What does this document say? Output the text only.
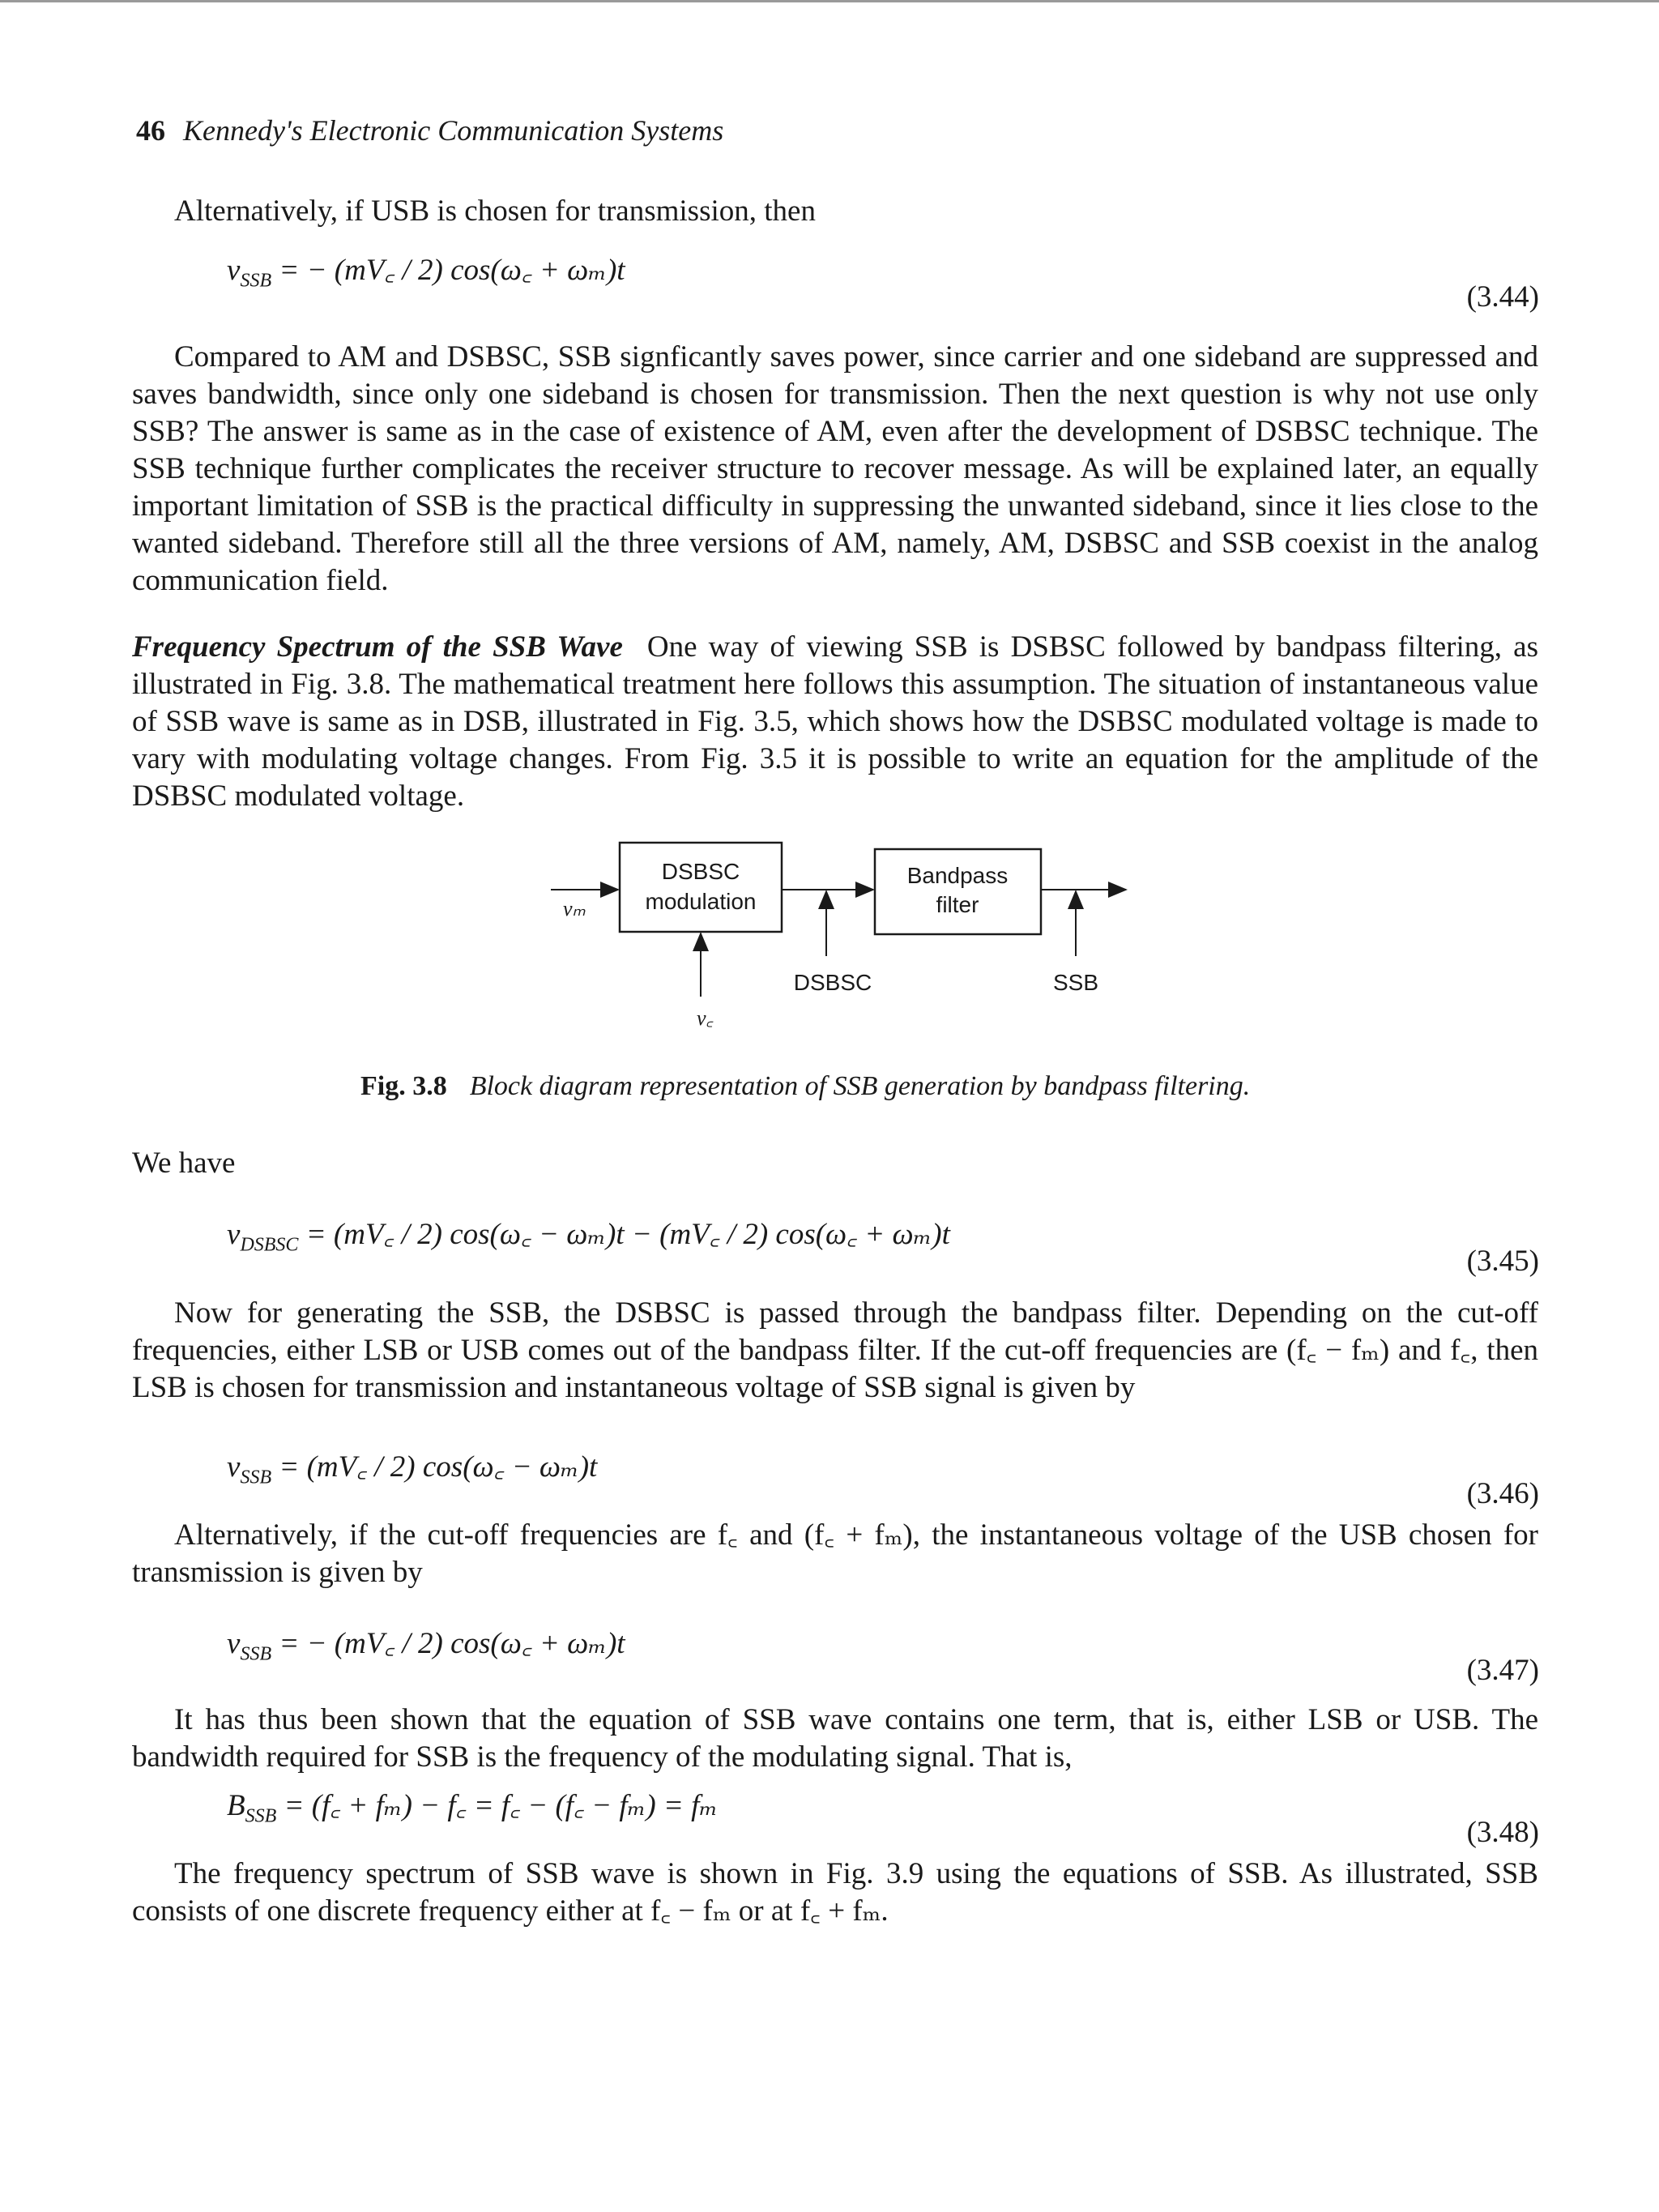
46 Kennedy's Electronic Communication Systems

Alternatively, if USB is chosen for transmission, then

$v_{SSB}$ = − (mV꜀ / 2) cos(ω꜀ + ωₘ)t
(3.44)

Compared to AM and DSBSC, SSB signficantly saves power, since carrier and one sideband are suppressed and saves bandwidth, since only one sideband is chosen for transmission. Then the next question is why not use only SSB? The answer is same as in the case of existence of AM, even after the development of DSBSC technique. The SSB technique further complicates the receiver structure to recover message. As will be explained later, an equally important limitation of SSB is the practical difficulty in suppressing the unwanted sideband, since it lies close to the wanted sideband. Therefore still all the three versions of AM, namely, AM, DSBSC and SSB coexist in the analog communication field.

Frequency Spectrum of the SSB Wave One way of viewing SSB is DSBSC followed by bandpass filtering, as illustrated in Fig. 3.8. The mathematical treatment here follows this assumption. The situation of instantaneous value of SSB wave is same as in DSB, illustrated in Fig. 3.5, which shows how the DSBSC modulated voltage is made to vary with modulating voltage changes. From Fig. 3.5 it is possible to write an equation for the amplitude of the DSBSC modulated voltage.

DSBSC
modulation
Bandpass
filter
vₘ
v꜀
DSBSC	SSB
Fig. 3.8 Block diagram representation of SSB generation by bandpass filtering.
We have
$v_{DSBSC}$ = (mV꜀ / 2) cos(ω꜀ − ωₘ)t − (mV꜀ / 2) cos(ω꜀ + ωₘ)t
(3.45)

Now for generating the SSB, the DSBSC is passed through the bandpass filter. Depending on the cut-off frequencies, either LSB or USB comes out of the bandpass filter. If the cut-off frequencies are (f꜀ − fₘ) and f꜀, then LSB is chosen for transmission and instantaneous voltage of SSB signal is given by

$v_{SSB}$ = (mV꜀ / 2) cos(ω꜀ − ωₘ)t
(3.46)

Alternatively, if the cut-off frequencies are f꜀ and (f꜀ + fₘ), the instantaneous voltage of the USB chosen for transmission is given by

$v_{SSB}$ = − (mV꜀ / 2) cos(ω꜀ + ωₘ)t
(3.47)

It has thus been shown that the equation of SSB wave contains one term, that is, either LSB or USB. The bandwidth required for SSB is the frequency of the modulating signal. That is,

$B_{SSB}$ = (f꜀ + fₘ) − f꜀ = f꜀ − (f꜀ − fₘ) = fₘ
(3.48)

The frequency spectrum of SSB wave is shown in Fig. 3.9 using the equations of SSB. As illustrated, SSB consists of one discrete frequency either at f꜀ − fₘ or at f꜀ + fₘ.
